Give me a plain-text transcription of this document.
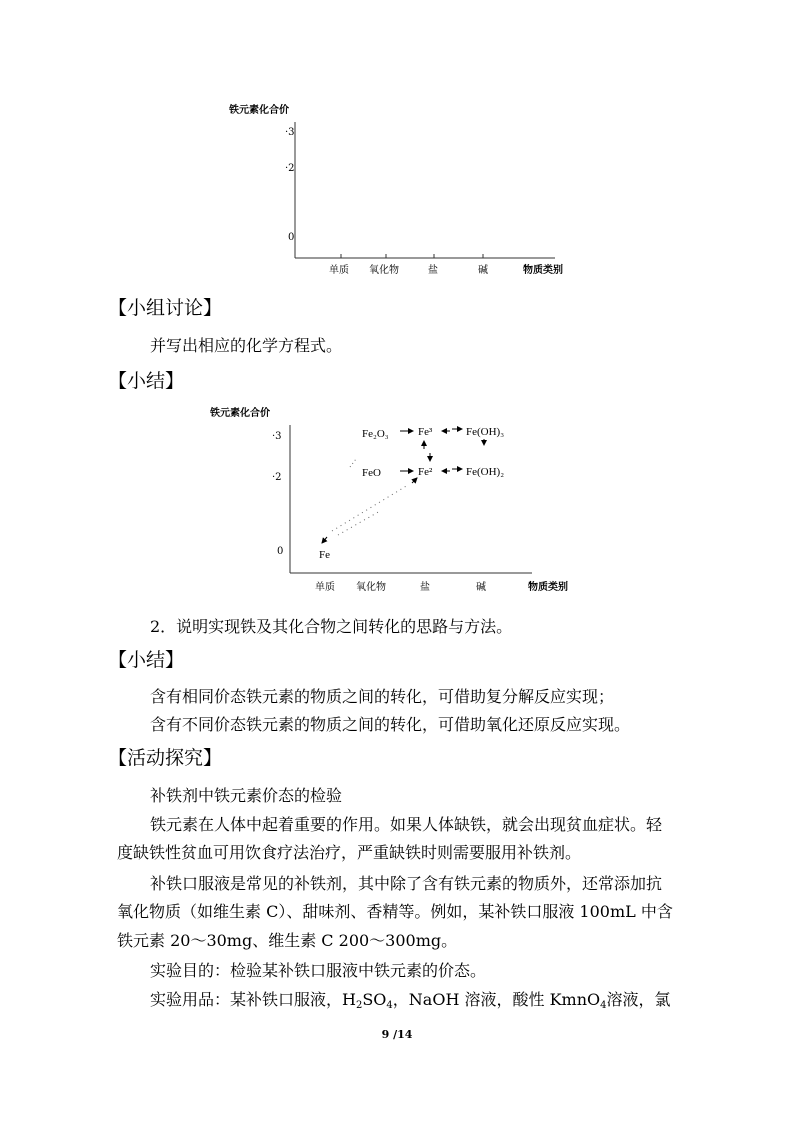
铁元素化合价
·3
·2
0
单质 氧化物	盐	碱	物质类别
【小组讨论】
并写出相应的化学方程式。
【小结】
铁元素化合价
·3
·2
0
单质 氧化物	盐	碱	物质类别
Fe₂O₃	Fe³	Fe(OH)₃
FeO	Fe²	Fe(OH)₂
Fe
2．说明实现铁及其化合物之间转化的思路与方法。
【小结】
含有相同价态铁元素的物质之间的转化，可借助复分解反应实现；
含有不同价态铁元素的物质之间的转化，可借助氧化还原反应实现。
【活动探究】
补铁剂中铁元素价态的检验
铁元素在人体中起着重要的作用。如果人体缺铁，就会出现贫血症状。轻
度缺铁性贫血可用饮食疗法治疗，严重缺铁时则需要服用补铁剂。
补铁口服液是常见的补铁剂，其中除了含有铁元素的物质外，还常添加抗
氧化物质（如维生素 C）、甜味剂、香精等。例如，某补铁口服液 100mL 中含
铁元素 20～30mg、维生素 C 200～300mg。
实验目的：检验某补铁口服液中铁元素的价态。
实验用品：某补铁口服液，$H_2SO_4$，NaOH 溶液，酸性 KmnO$_4$溶液，氯
9 /14
